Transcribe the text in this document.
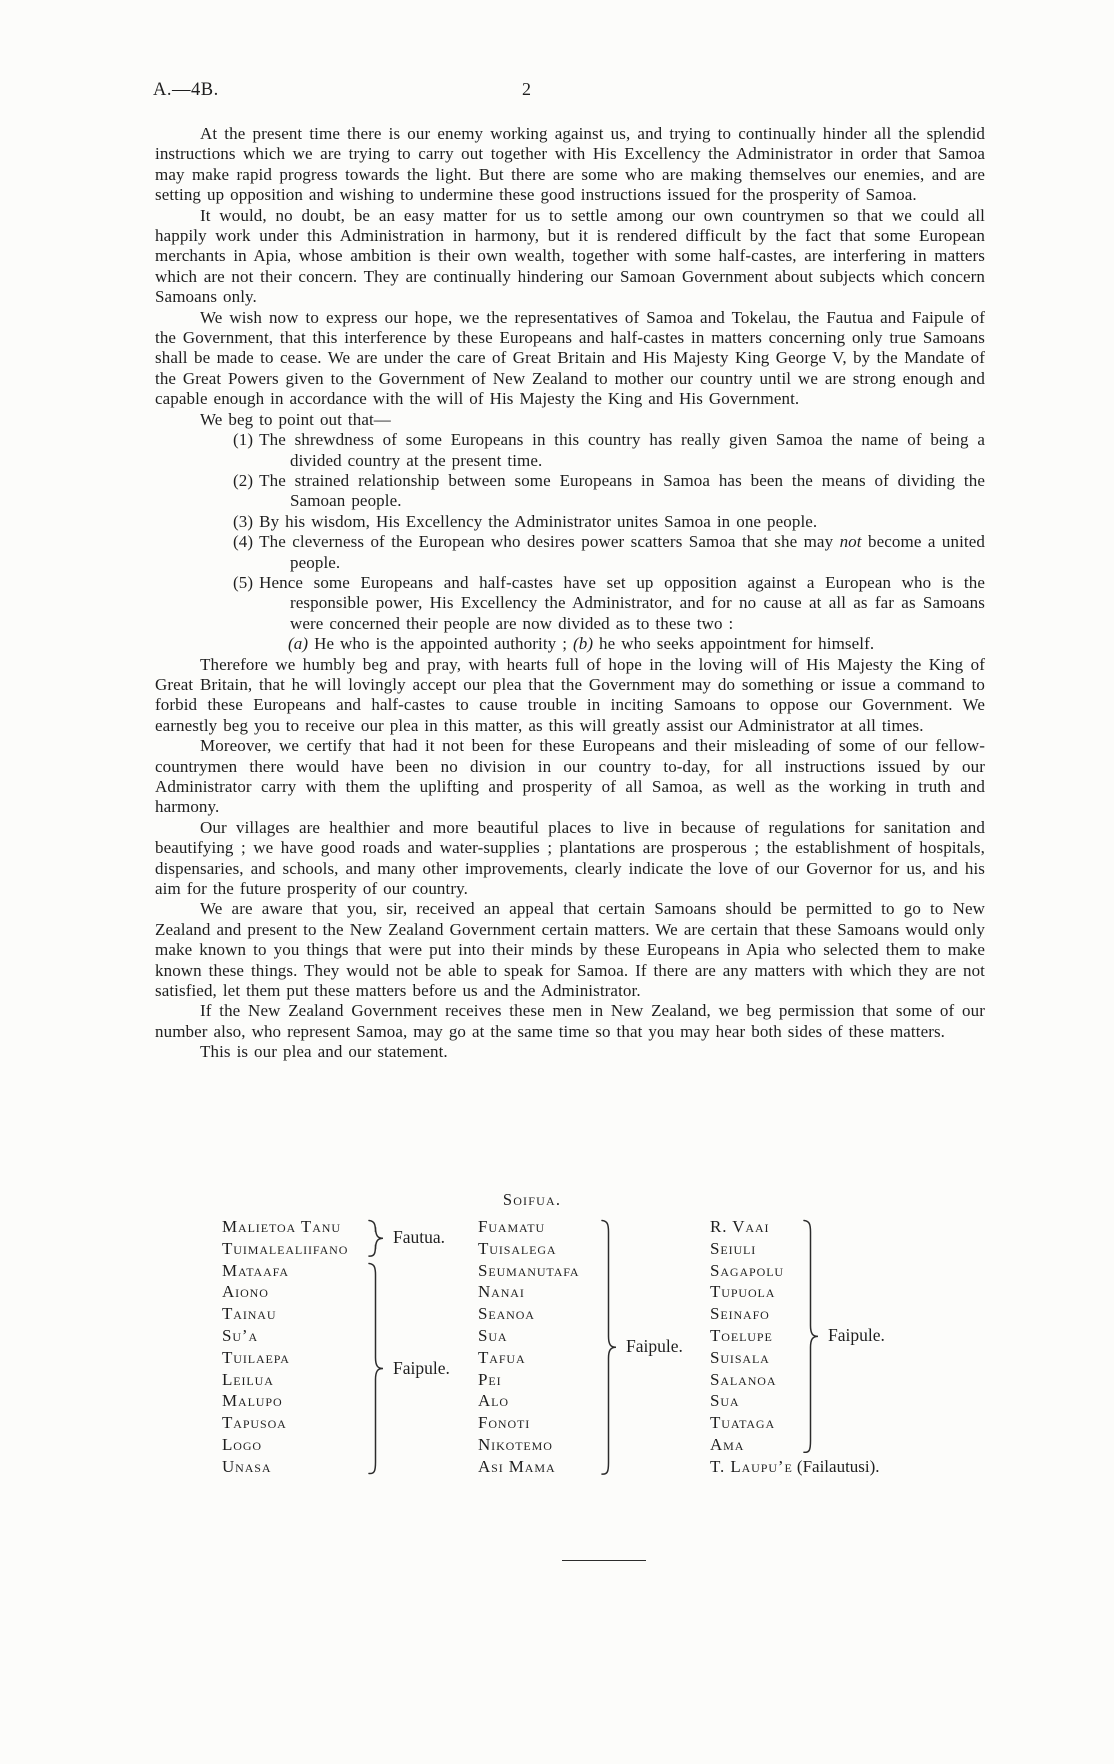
A.—4B.	2

At the present time there is our enemy working against us, and trying to continually hinder all the splendid instructions which we are trying to carry out together with His Excellency the Administrator in order that Samoa may make rapid progress towards the light. But there are some who are making themselves our enemies, and are setting up opposition and wishing to undermine these good instructions issued for the prosperity of Samoa.

It would, no doubt, be an easy matter for us to settle among our own countrymen so that we could all happily work under this Administration in harmony, but it is rendered difficult by the fact that some European merchants in Apia, whose ambition is their own wealth, together with some half-castes, are interfering in matters which are not their concern. They are continually hindering our Samoan Government about subjects which concern Samoans only.

We wish now to express our hope, we the representatives of Samoa and Tokelau, the Fautua and Faipule of the Government, that this interference by these Europeans and half-castes in matters concerning only true Samoans shall be made to cease. We are under the care of Great Britain and His Majesty King George V, by the Mandate of the Great Powers given to the Government of New Zealand to mother our country until we are strong enough and capable enough in accordance with the will of His Majesty the King and His Government.

We beg to point out that—

(1) The shrewdness of some Europeans in this country has really given Samoa the name of being a divided country at the present time.
(2) The strained relationship between some Europeans in Samoa has been the means of dividing the Samoan people.
(3) By his wisdom, His Excellency the Administrator unites Samoa in one people.
(4) The cleverness of the European who desires power scatters Samoa that she may not become a united people.
(5) Hence some Europeans and half-castes have set up opposition against a European who is the responsible power, His Excellency the Administrator, and for no cause at all as far as Samoans were concerned their people are now divided as to these two :
(a) He who is the appointed authority ; (b) he who seeks appointment for himself.

Therefore we humbly beg and pray, with hearts full of hope in the loving will of His Majesty the King of Great Britain, that he will lovingly accept our plea that the Government may do something or issue a command to forbid these Europeans and half-castes to cause trouble in inciting Samoans to oppose our Government. We earnestly beg you to receive our plea in this matter, as this will greatly assist our Administrator at all times.

Moreover, we certify that had it not been for these Europeans and their misleading of some of our fellow-countrymen there would have been no division in our country to-day, for all instructions issued by our Administrator carry with them the uplifting and prosperity of all Samoa, as well as the working in truth and harmony.

Our villages are healthier and more beautiful places to live in because of regulations for sanitation and beautifying ; we have good roads and water-supplies ; plantations are prosperous ; the establishment of hospitals, dispensaries, and schools, and many other improvements, clearly indicate the love of our Governor for us, and his aim for the future prosperity of our country.

We are aware that you, sir, received an appeal that certain Samoans should be permitted to go to New Zealand and present to the New Zealand Government certain matters. We are certain that these Samoans would only make known to you things that were put into their minds by these Europeans in Apia who selected them to make known these things. They would not be able to speak for Samoa. If there are any matters with which they are not satisfied, let them put these matters before us and the Administrator.

If the New Zealand Government receives these men in New Zealand, we beg permission that some of our number also, who represent Samoa, may go at the same time so that you may hear both sides of these matters.

This is our plea and our statement.

Soifua.
Malietoa Tanu
Tuimalealiifano
Fautua.
Mataafa
Aiono
Tainau
Su’a
Tuilaepa
Leilua
Malupo
Tapusoa
Logo
Unasa
Faipule.
Fuamatu
Tuisalega
Seumanutafa
Nanai
Seanoa
Sua
Tafua
Pei
Alo
Fonoti
Nikotemo
Asi Mama
Faipule.
R. Vaai
Seiuli
Sagapolu
Tupuola
Seinafo
Toelupe
Suisala
Salanoa
Sua
Tuataga
Ama
Faipule.
T. Laupu’e (Failautusi).
